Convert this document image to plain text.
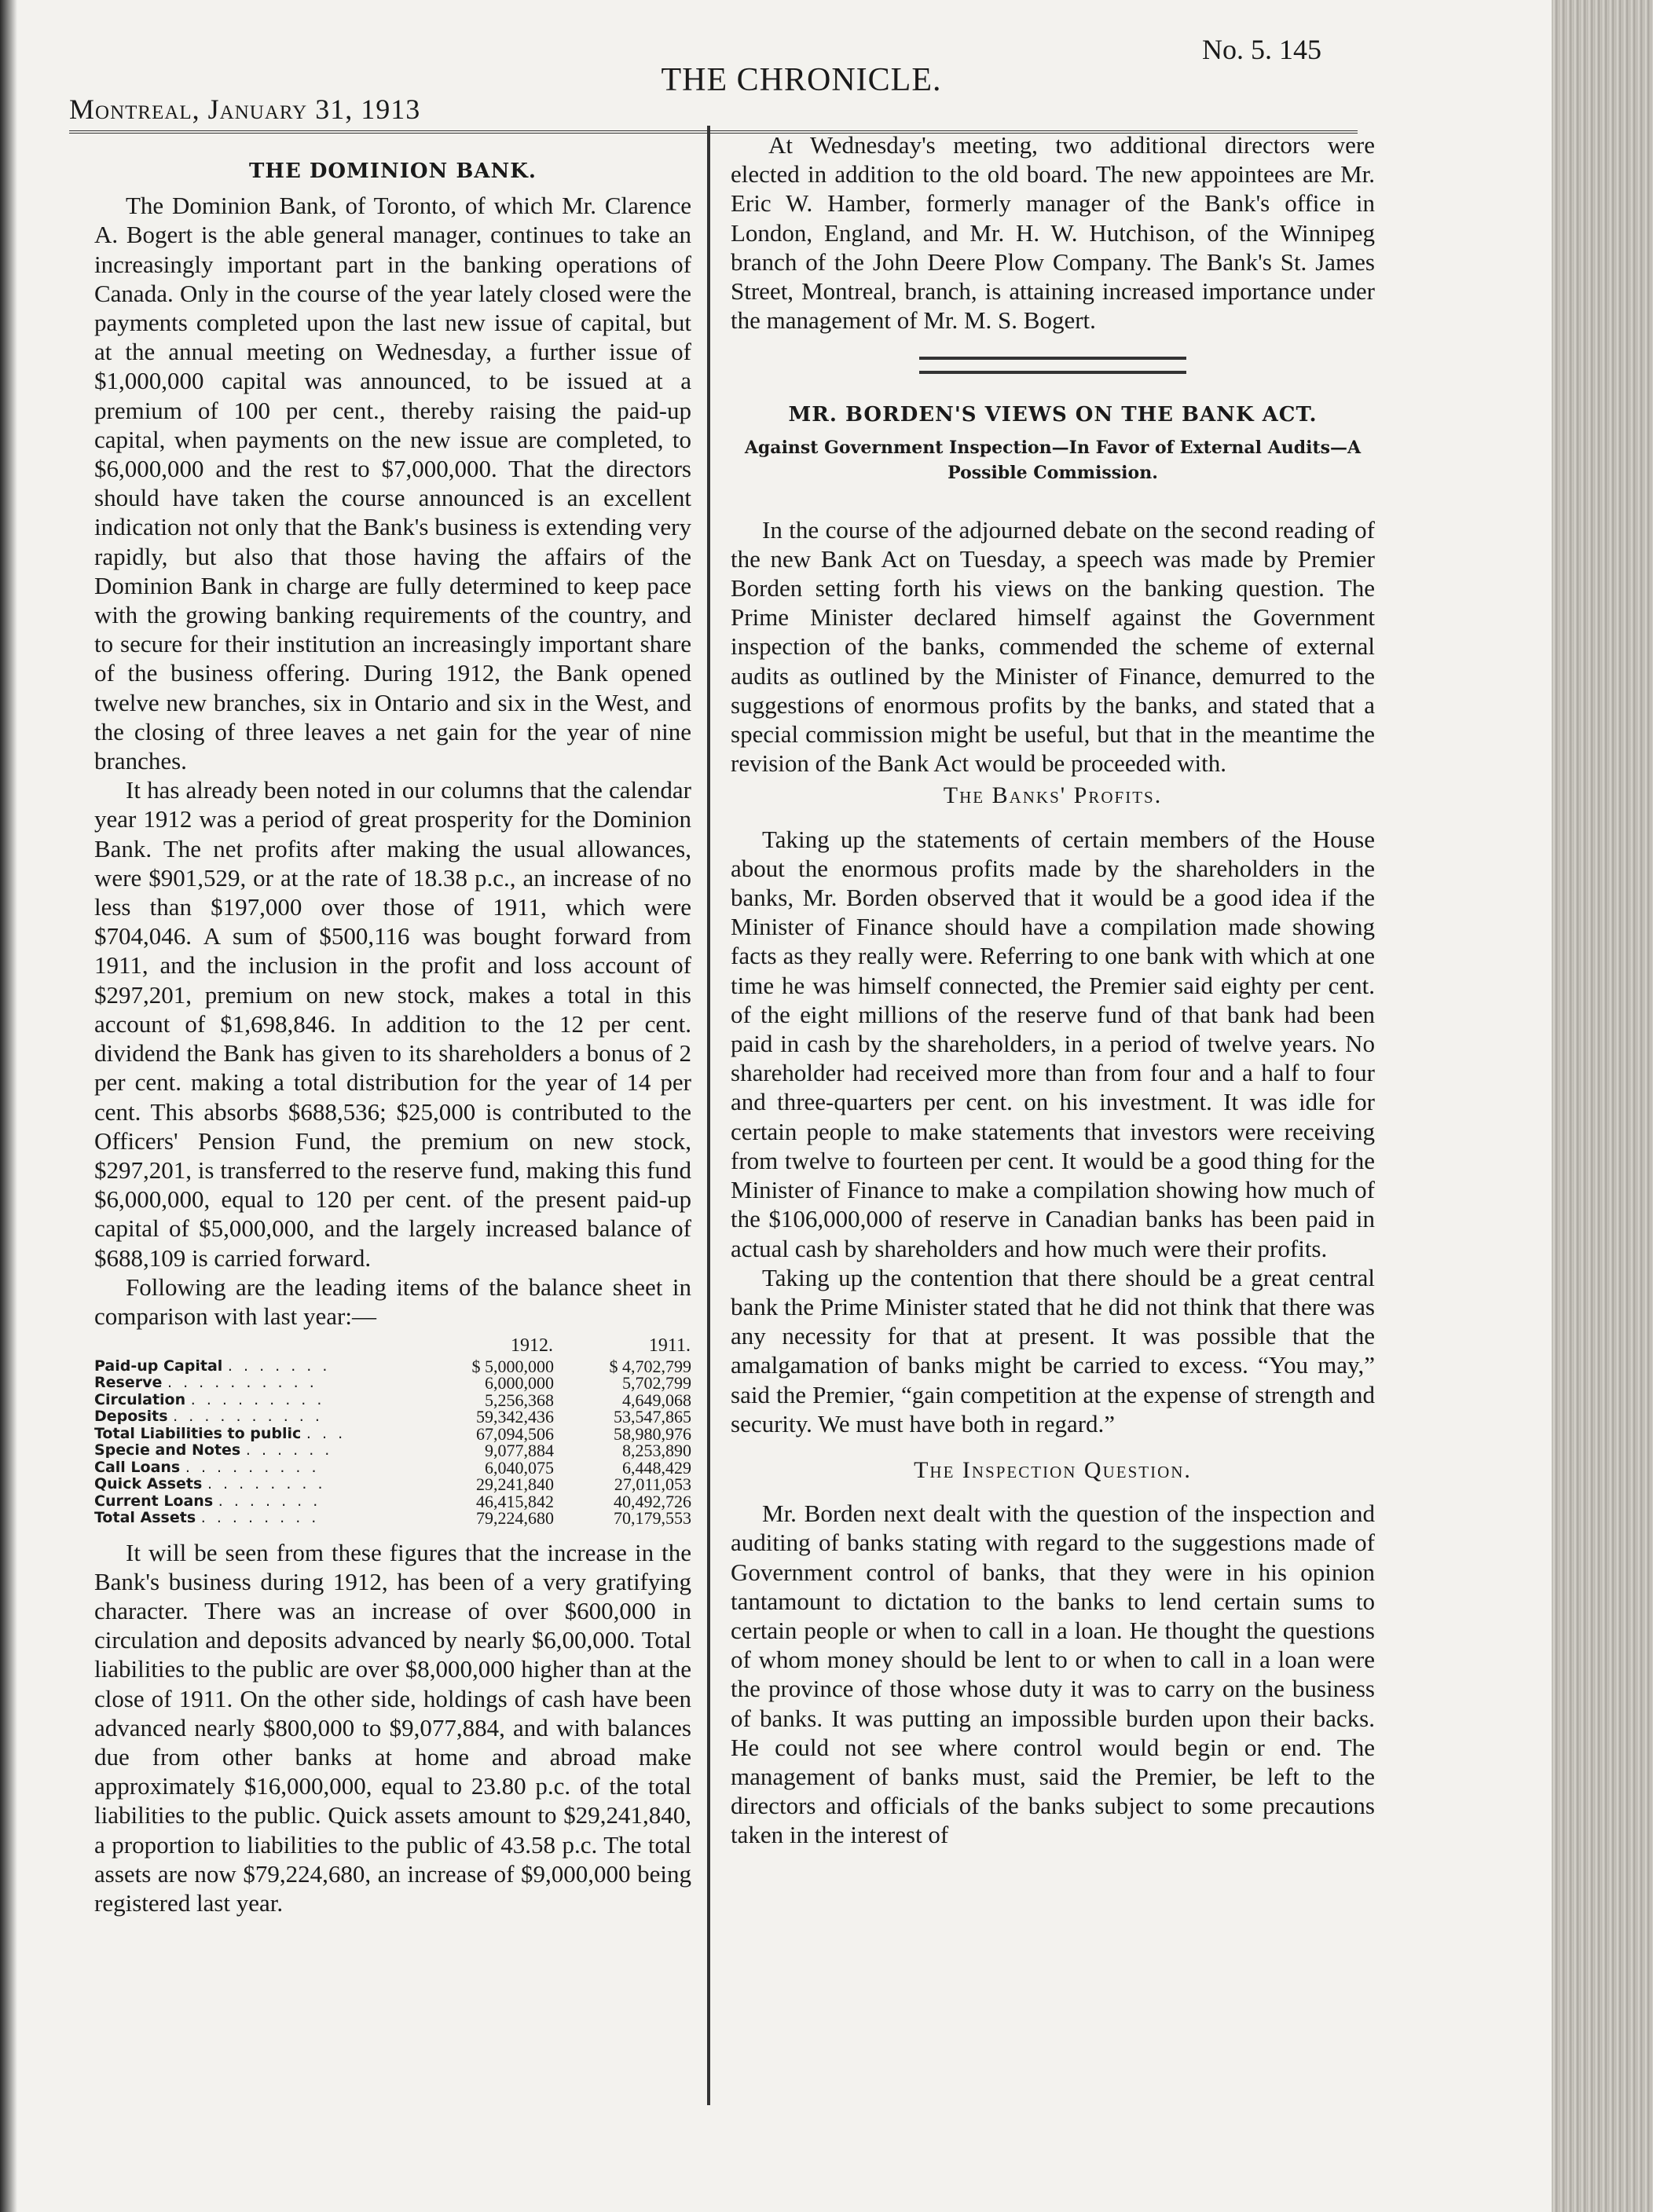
No. 5. 145
THE CHRONICLE.
Montreal, January 31, 1913
THE DOMINION BANK.

The Dominion Bank, of Toronto, of which Mr. Clarence A. Bogert is the able general manager, continues to take an increasingly important part in the banking operations of Canada. Only in the course of the year lately closed were the payments completed upon the last new issue of capital, but at the annual meeting on Wednesday, a further issue of $1,000,000 capital was announced, to be issued at a premium of 100 per cent., thereby raising the paid-up capital, when payments on the new issue are completed, to $6,000,000 and the rest to $7,000,000. That the directors should have taken the course announced is an excellent indication not only that the Bank's business is extending very rapidly, but also that those having the affairs of the Dominion Bank in charge are fully determined to keep pace with the growing banking requirements of the country, and to secure for their institution an increasingly important share of the business offering. During 1912, the Bank opened twelve new branches, six in Ontario and six in the West, and the closing of three leaves a net gain for the year of nine branches.

It has already been noted in our columns that the calendar year 1912 was a period of great prosperity for the Dominion Bank. The net profits after making the usual allowances, were $901,529, or at the rate of 18.38 p.c., an increase of no less than $197,000 over those of 1911, which were $704,046. A sum of $500,116 was bought forward from 1911, and the inclusion in the profit and loss account of $297,201, premium on new stock, makes a total in this account of $1,698,846. In addition to the 12 per cent. dividend the Bank has given to its shareholders a bonus of 2 per cent. making a total distribution for the year of 14 per cent. This absorbs $688,536; $25,000 is contributed to the Officers' Pension Fund, the premium on new stock, $297,201, is transferred to the reserve fund, making this fund $6,000,000, equal to 120 per cent. of the present paid-up capital of $5,000,000, and the largely increased balance of $688,109 is carried forward.

Following are the leading items of the balance sheet in comparison with last year:—

	1912.	1911.
Paid-up Capital . . . . . . .	$ 5,000,000	$ 4,702,799
Reserve . . . . . . . . . .	6,000,000	5,702,799
Circulation . . . . . . . . .	5,256,368	4,649,068
Deposits . . . . . . . . . .	59,342,436	53,547,865
Total Liabilities to public . . .	67,094,506	58,980,976
Specie and Notes . . . . . .	9,077,884	8,253,890
Call Loans . . . . . . . . .	6,040,075	6,448,429
Quick Assets . . . . . . . .	29,241,840	27,011,053
Current Loans . . . . . . .	46,415,842	40,492,726
Total Assets . . . . . . . .	79,224,680	70,179,553

It will be seen from these figures that the increase in the Bank's business during 1912, has been of a very gratifying character. There was an increase of over $600,000 in circulation and deposits advanced by nearly $6,00,000. Total liabilities to the public are over $8,000,000 higher than at the close of 1911. On the other side, holdings of cash have been advanced nearly $800,000 to $9,077,884, and with balances due from other banks at home and abroad make approximately $16,000,000, equal to 23.80 p.c. of the total liabilities to the public. Quick assets amount to $29,241,840, a proportion to liabilities to the public of 43.58 p.c. The total assets are now $79,224,680, an increase of $9,000,000 being registered last year.

At Wednesday's meeting, two additional directors were elected in addition to the old board. The new appointees are Mr. Eric W. Hamber, formerly manager of the Bank's office in London, England, and Mr. H. W. Hutchison, of the Winnipeg branch of the John Deere Plow Company. The Bank's St. James Street, Montreal, branch, is attaining increased importance under the management of Mr. M. S. Bogert.

MR. BORDEN'S VIEWS ON THE BANK ACT.
Against Government Inspection—In Favor of External Audits—A Possible Commission.

In the course of the adjourned debate on the second reading of the new Bank Act on Tuesday, a speech was made by Premier Borden setting forth his views on the banking question. The Prime Minister declared himself against the Government inspection of the banks, commended the scheme of external audits as outlined by the Minister of Finance, demurred to the suggestions of enormous profits by the banks, and stated that a special commission might be useful, but that in the meantime the revision of the Bank Act would be proceeded with.

The Banks' Profits.

Taking up the statements of certain members of the House about the enormous profits made by the shareholders in the banks, Mr. Borden observed that it would be a good idea if the Minister of Finance should have a compilation made showing facts as they really were. Referring to one bank with which at one time he was himself connected, the Premier said eighty per cent. of the eight millions of the reserve fund of that bank had been paid in cash by the shareholders, in a period of twelve years. No shareholder had received more than from four and a half to four and three-quarters per cent. on his investment. It was idle for certain people to make statements that investors were receiving from twelve to fourteen per cent. It would be a good thing for the Minister of Finance to make a compilation showing how much of the $106,000,000 of reserve in Canadian banks has been paid in actual cash by shareholders and how much were their profits.

Taking up the contention that there should be a great central bank the Prime Minister stated that he did not think that there was any necessity for that at present. It was possible that the amalgamation of banks might be carried to excess. “You may,” said the Premier, “gain competition at the expense of strength and security. We must have both in regard.”

The Inspection Question.

Mr. Borden next dealt with the question of the inspection and auditing of banks stating with regard to the suggestions made of Government control of banks, that they were in his opinion tantamount to dictation to the banks to lend certain sums to certain people or when to call in a loan. He thought the questions of whom money should be lent to or when to call in a loan were the province of those whose duty it was to carry on the business of banks. It was putting an impossible burden upon their backs. He could not see where control would begin or end. The management of banks must, said the Premier, be left to the directors and officials of the banks subject to some precautions taken in the interest of
